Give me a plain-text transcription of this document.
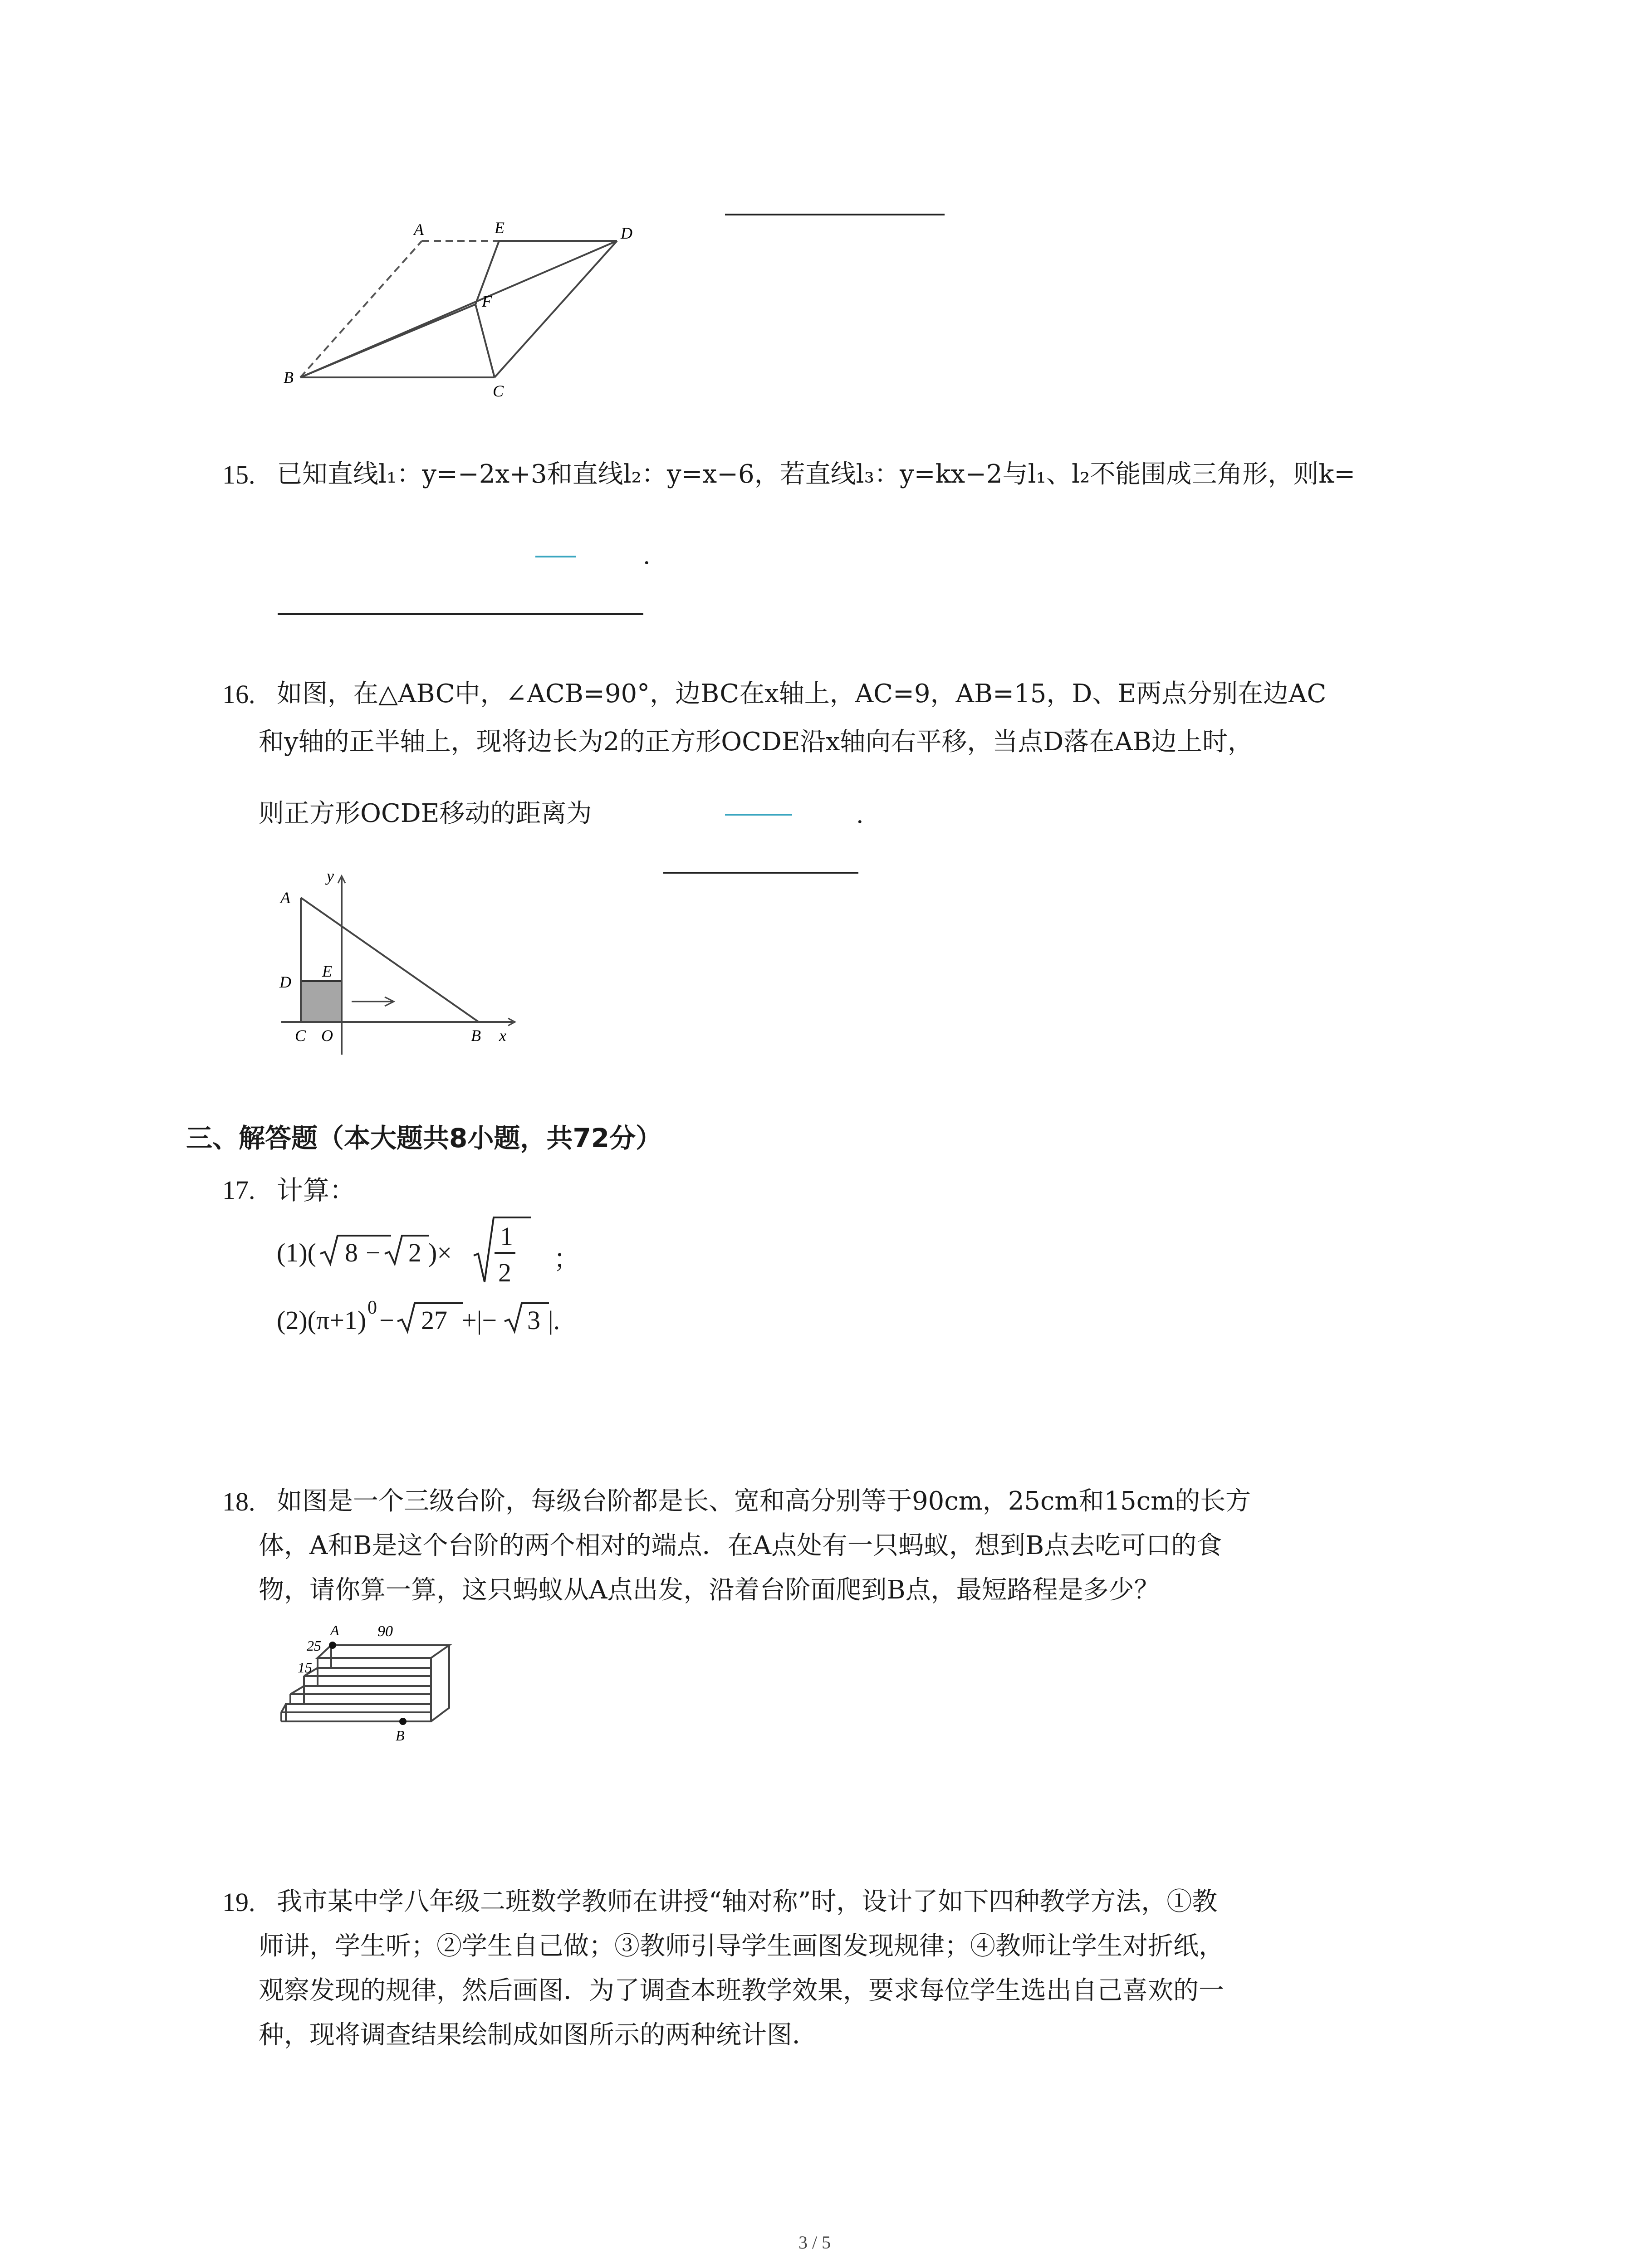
A	E	D
F
B
C
15. 已知直线l₁：y=−2x+3和直线l₂：y=x−6，若直线l₃：y=kx−2与l₁、l₂不能围成三角形，则k=
.
16. 如图，在△ABC中，∠ACB=90°，边BC在x轴上，AC=9，AB=15，D、E两点分别在边AC
和y轴的正半轴上，现将边长为2的正方形OCDE沿x轴向右平移，当点D落在AB边上时，
则正方形OCDE移动的距离为	.
y
A
D
E
C O	B x
三、解答题（本大题共8小题，共72分）
17. 计算：
(1)( 8 − 2 )×
1
2 ；
(2)(π+1) 0 − 27 +|− 3 |.
18. 如图是一个三级台阶，每级台阶都是长、宽和高分别等于90cm，25cm和15cm的长方
体，A和B是这个台阶的两个相对的端点．在A点处有一只蚂蚁，想到B点去吃可口的食
物，请你算一算，这只蚂蚁从A点出发，沿着台阶面爬到B点，最短路程是多少？
A 90
25
15
B
19. 我市某中学八年级二班数学教师在讲授“轴对称”时，设计了如下四种教学方法，①教
师讲，学生听；②学生自己做；③教师引导学生画图发现规律；④教师让学生对折纸，
观察发现的规律，然后画图．为了调查本班教学效果，要求每位学生选出自己喜欢的一
种，现将调查结果绘制成如图所示的两种统计图．
3 / 5
